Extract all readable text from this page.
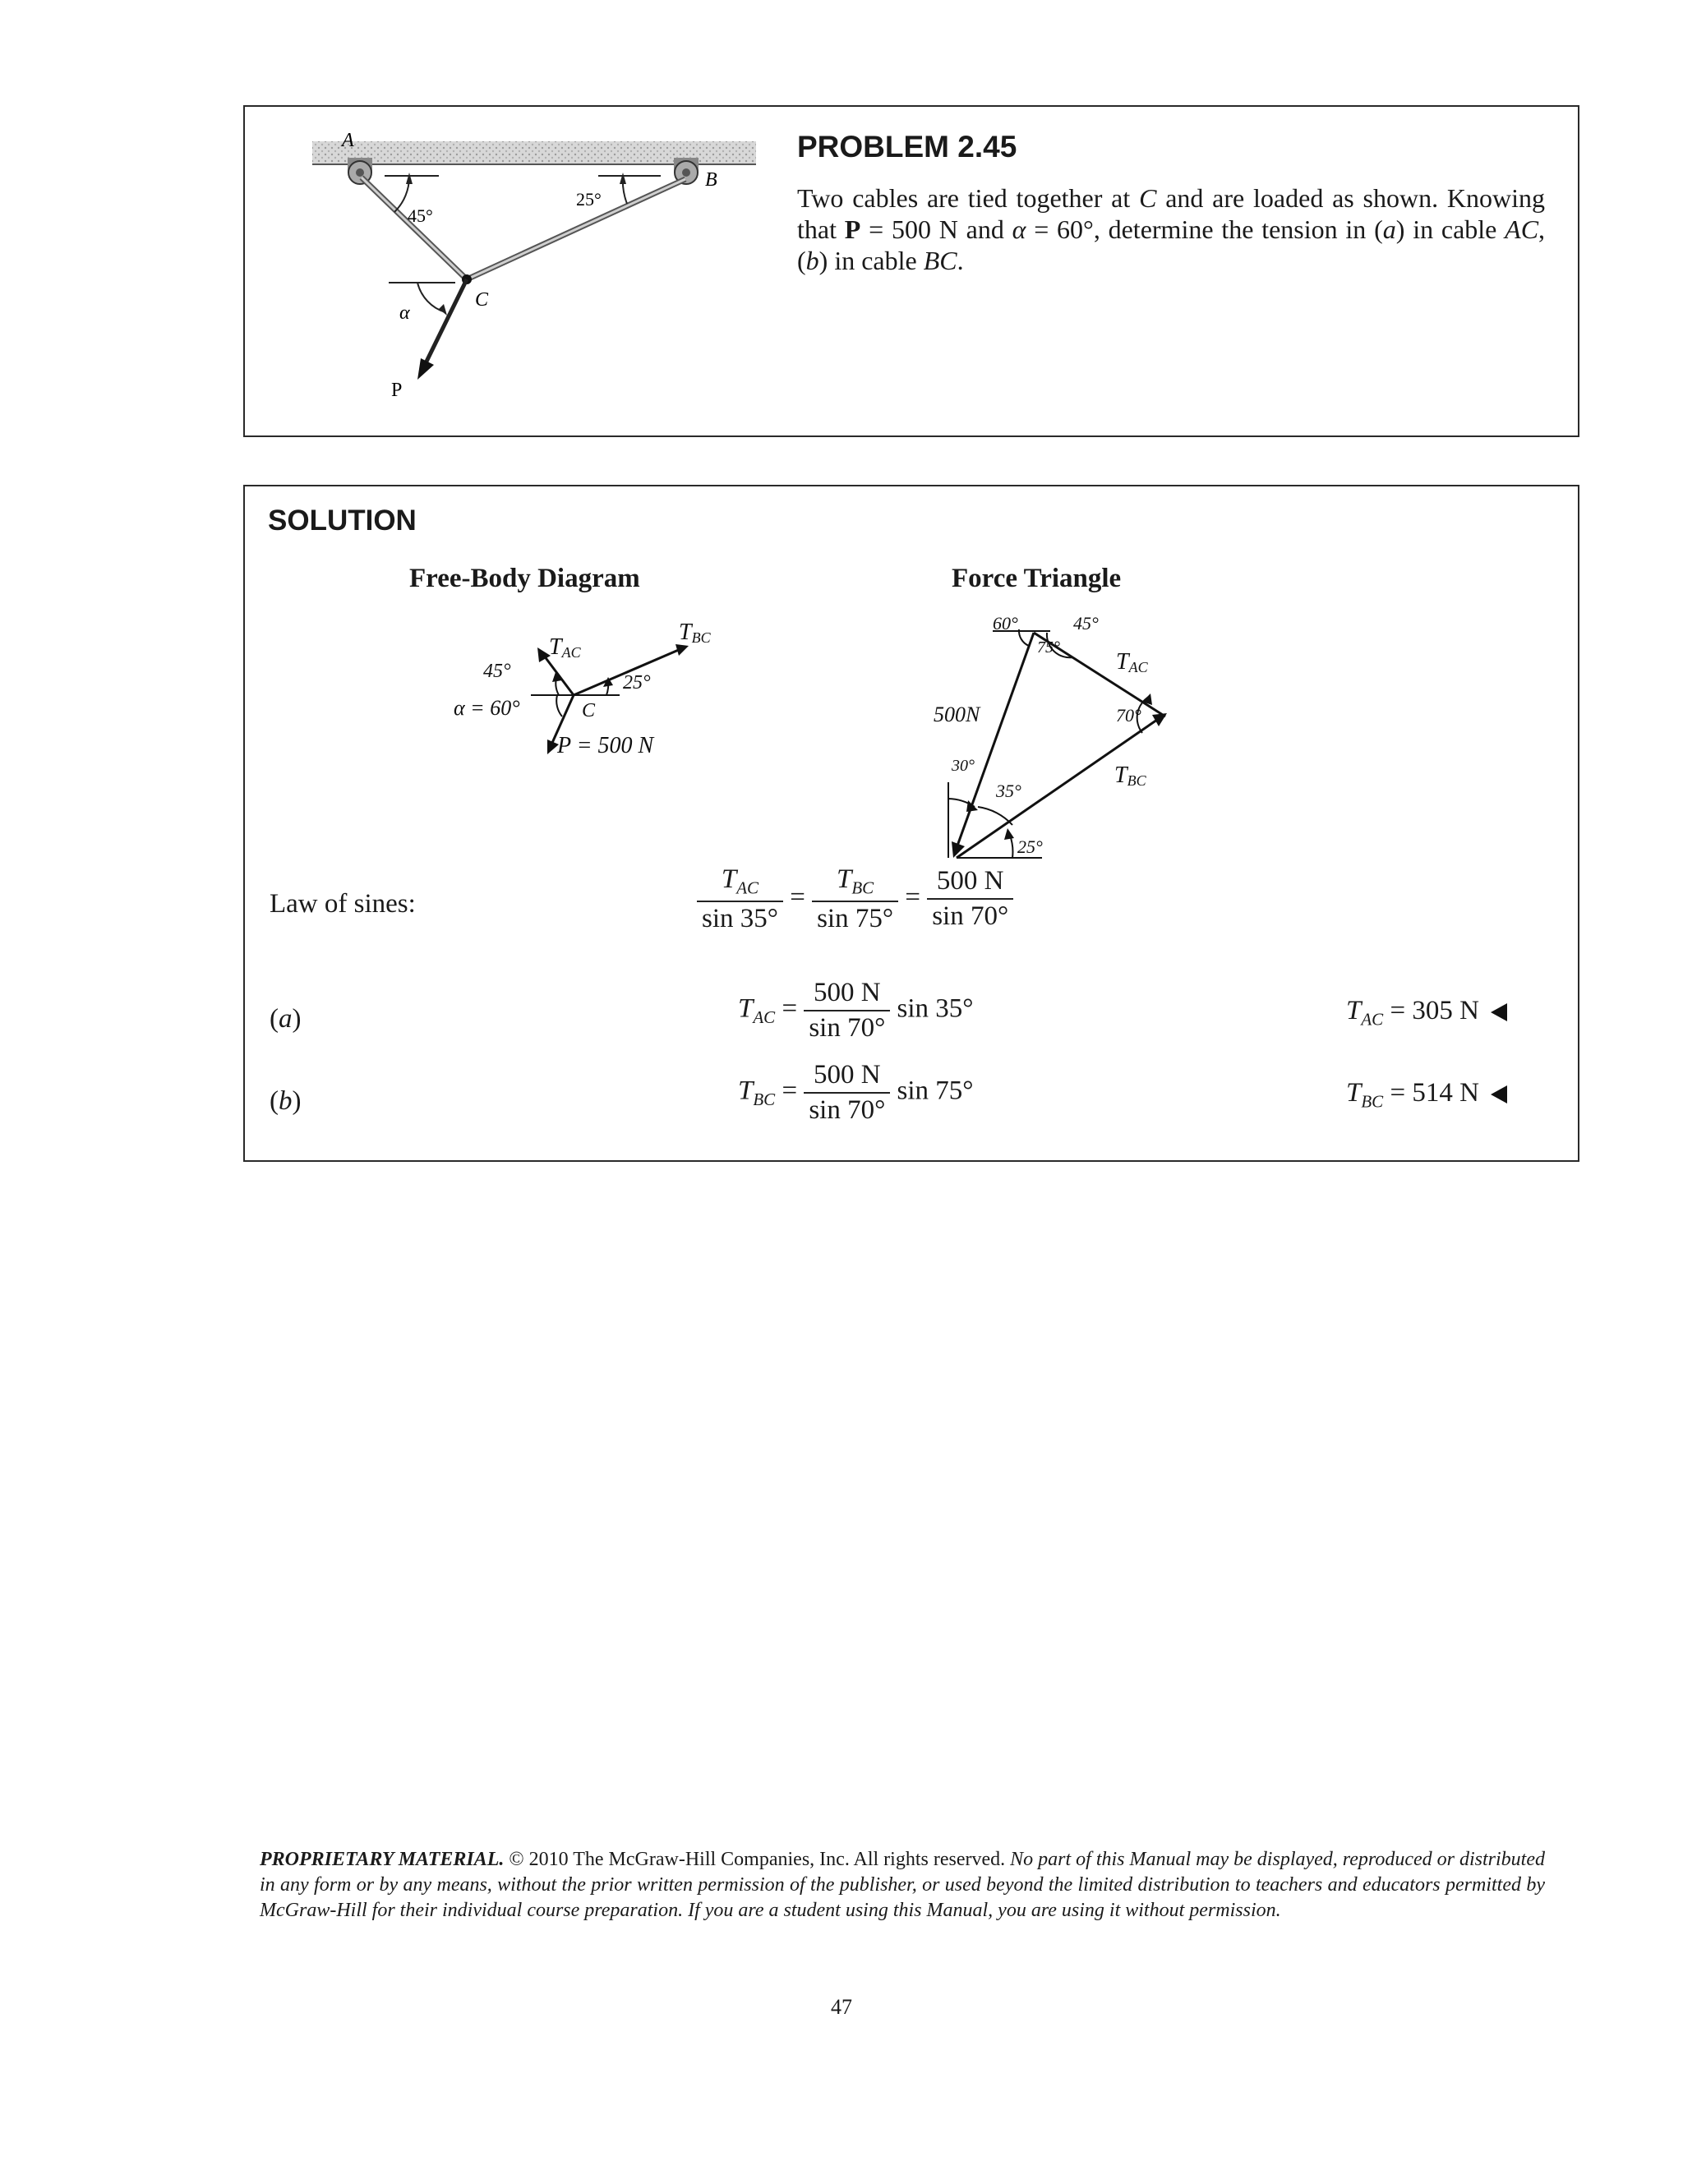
45°
25°
A
B
C
α
P
PROBLEM 2.45
Two cables are tied together at C and are loaded as shown. Knowing that P = 500 N and α = 60°, determine the tension in (a) in cable AC, (b) in cable BC.
SOLUTION
Free-Body Diagram	Force Triangle
TAC
TBC
45°
25°
α = 60°	C
P = 500 N
60°
75°
45°
TAC
500N	70°
30°
35°
TBC
25°
Law of sines:	$\frac{T_{AC}}{\sin 35^\circ} = \frac{T_{BC}}{\sin 75^\circ} = \frac{500 N}{\sin 70^\circ}$
(a)	$T_{AC} = \frac{500 N}{\sin 70^\circ}$ sin 35°	$T_{AC} = 305$ N
(b)	$T_{BC} = \frac{500 N}{\sin 70^\circ}$ sin 75°	$T_{BC} = 514$ N
PROPRIETARY MATERIAL. © 2010 The McGraw-Hill Companies, Inc. All rights reserved. No part of this Manual may be displayed, reproduced or distributed in any form or by any means, without the prior written permission of the publisher, or used beyond the limited distribution to teachers and educators permitted by McGraw-Hill for their individual course preparation. If you are a student using this Manual, you are using it without permission.
47
